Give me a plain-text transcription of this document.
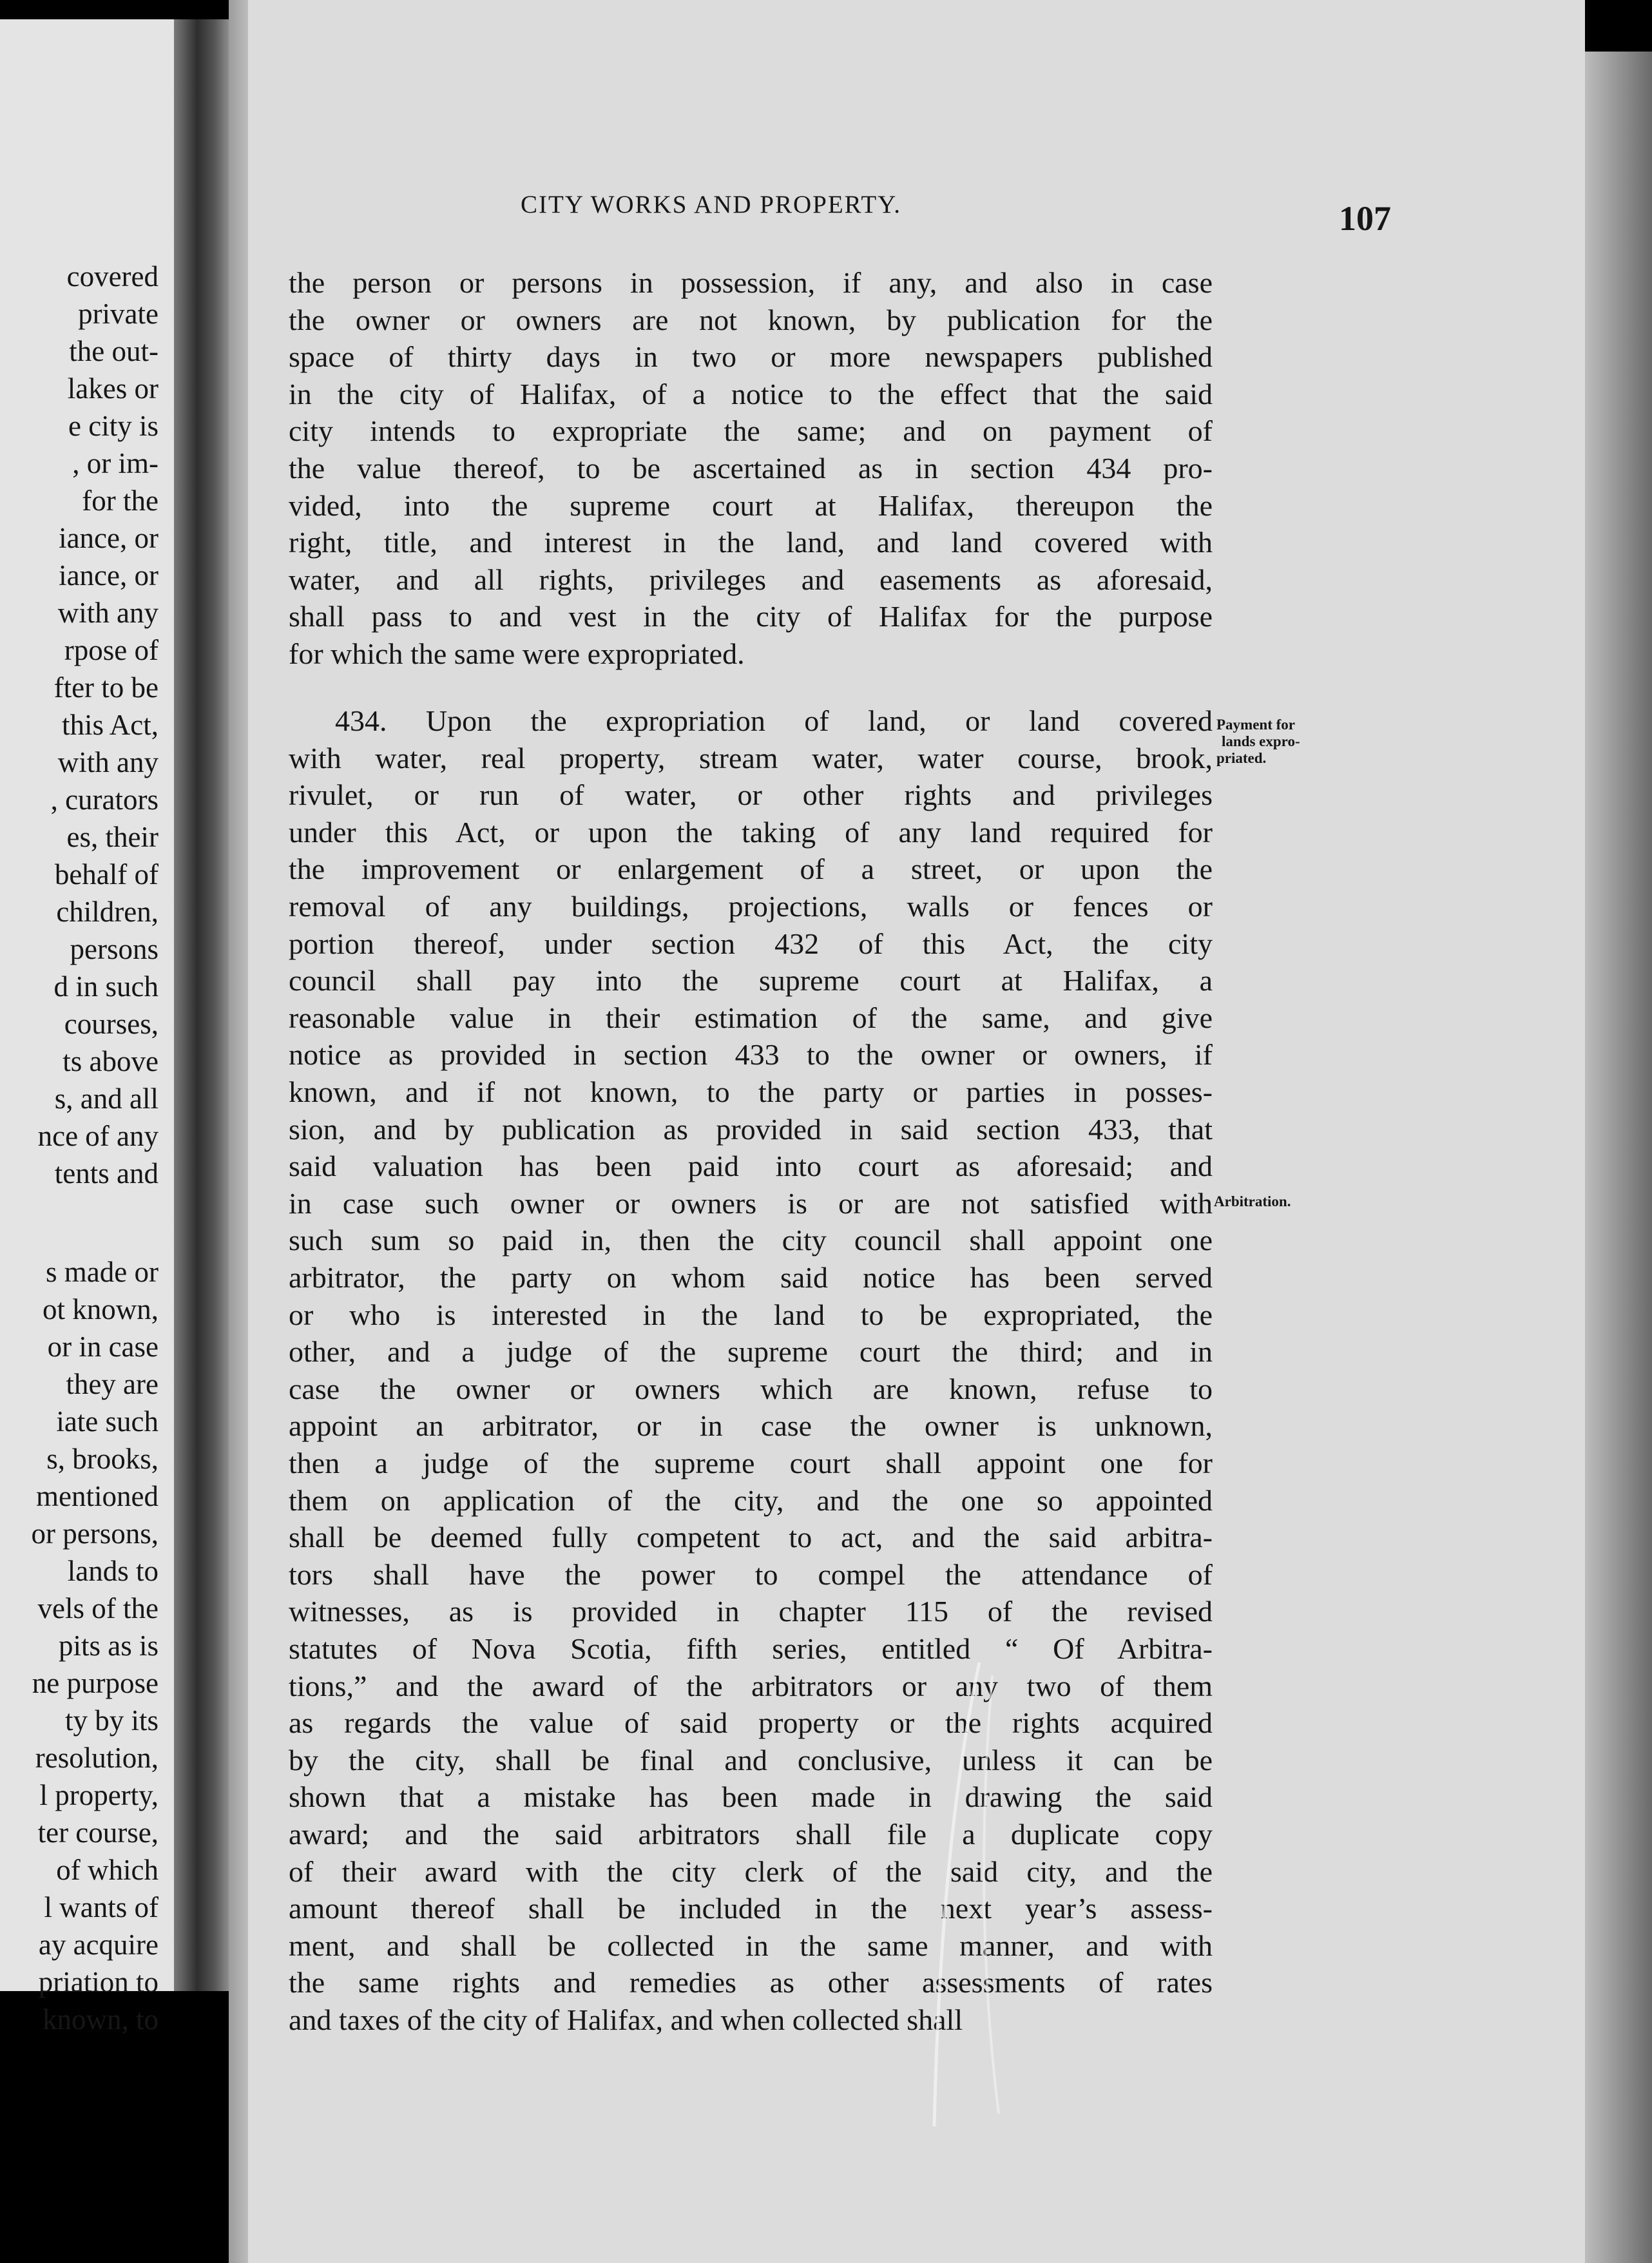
covered
private
the out-
lakes or
e city is
, or im-
for the
iance, or
iance, or
with any
rpose of
fter to be
this Act,
with any
, curators
es, their
behalf of
children,
persons
d in such
courses,
ts above
s, and all
nce of any
tents and
s made or
ot known,
or in case
they are
iate such
s, brooks,
mentioned
or persons,
lands to
vels of the
pits as is
ne purpose
ty by its
resolution,
l property,
ter course,
of which
l wants of
ay acquire
priation to
known, to
CITY WORKS AND PROPERTY.	107
the person or persons in possession, if any, and also in case
the owner or owners are not known, by publication for the
space of thirty days in two or more newspapers published
in the city of Halifax, of a notice to the effect that the said
city intends to expropriate the same; and on payment of
the value thereof, to be ascertained as in section 434 pro-
vided, into the supreme court at Halifax, thereupon the
right, title, and interest in the land, and land covered with
water, and all rights, privileges and easements as aforesaid,
shall pass to and vest in the city of Halifax for the purpose
for which the same were expropriated.
434. Upon the expropriation of land, or land covered
with water, real property, stream water, water course, brook,
rivulet, or run of water, or other rights and privileges
under this Act, or upon the taking of any land required for
the improvement or enlargement of a street, or upon the
removal of any buildings, projections, walls or fences or
portion thereof, under section 432 of this Act, the city
council shall pay into the supreme court at Halifax, a
reasonable value in their estimation of the same, and give
notice as provided in section 433 to the owner or owners, if
known, and if not known, to the party or parties in posses-
sion, and by publication as provided in said section 433, that
said valuation has been paid into court as aforesaid; and
in case such owner or owners is or are not satisfied with
such sum so paid in, then the city council shall appoint one
arbitrator, the party on whom said notice has been served
or who is interested in the land to be expropriated, the
other, and a judge of the supreme court the third; and in
case the owner or owners which are known, refuse to
appoint an arbitrator, or in case the owner is unknown,
then a judge of the supreme court shall appoint one for
them on application of the city, and the one so appointed
shall be deemed fully competent to act, and the said arbitra-
tors shall have the power to compel the attendance of
witnesses, as is provided in chapter 115 of the revised
statutes of Nova Scotia, fifth series, entitled “ Of Arbitra-
tions,” and the award of the arbitrators or any two of them
as regards the value of said property or the rights acquired
by the city, shall be final and conclusive, unless it can be
shown that a mistake has been made in drawing the said
award; and the said arbitrators shall file a duplicate copy
of their award with the city clerk of the said city, and the
amount thereof shall be included in the next year’s assess-
ment, and shall be collected in the same manner, and with
the same rights and remedies as other assessments of rates
and taxes of the city of Halifax, and when collected shall
Payment for
lands expro-
priated.
Arbitration.
